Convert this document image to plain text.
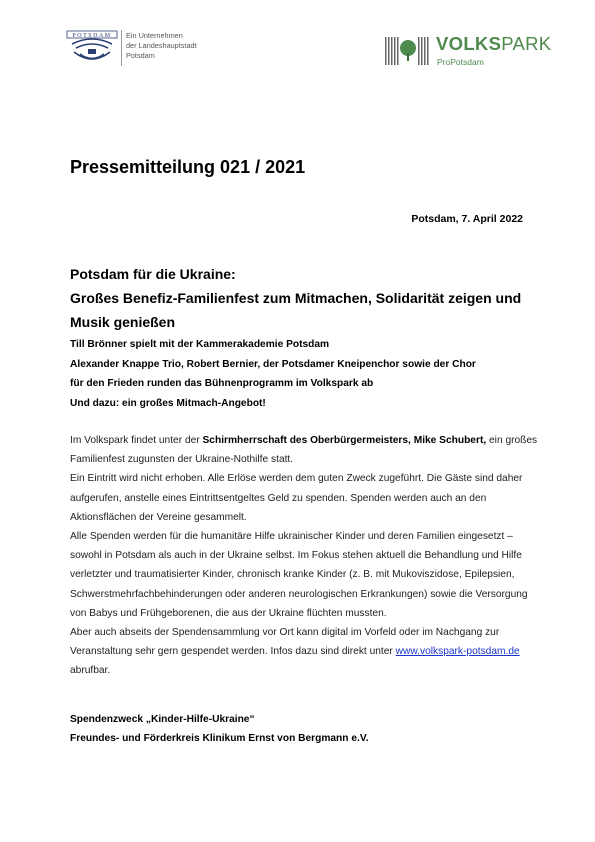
POTSDAM Ein Unternehmen
der Landeshauptstadt
Potsdam
VOLKSPARK
ProPotsdam
Pressemitteilung 021 / 2021
Potsdam, 7. April 2022
Potsdam für die Ukraine:
Großes Benefiz-Familienfest zum Mitmachen, Solidarität zeigen und
Musik genießen
Till Brönner spielt mit der Kammerakademie Potsdam
Alexander Knappe Trio, Robert Bernier, der Potsdamer Kneipenchor sowie der Chor
für den Frieden runden das Bühnenprogramm im Volkspark ab
Und dazu: ein großes Mitmach-Angebot!

Im Volkspark findet unter der Schirmherrschaft des Oberbürgermeisters, Mike Schubert, ein großes Familienfest zugunsten der Ukraine-Nothilfe statt.

Ein Eintritt wird nicht erhoben. Alle Erlöse werden dem guten Zweck zugeführt. Die Gäste sind daher aufgerufen, anstelle eines Eintrittsentgeltes Geld zu spenden. Spenden werden auch an den Aktionsflächen der Vereine gesammelt.

Alle Spenden werden für die humanitäre Hilfe ukrainischer Kinder und deren Familien eingesetzt – sowohl in Potsdam als auch in der Ukraine selbst. Im Fokus stehen aktuell die Behandlung und Hilfe verletzter und traumatisierter Kinder, chronisch kranke Kinder (z. B. mit Mukoviszidose, Epilepsien, Schwerstmehrfachbehinderungen oder anderen neurologischen Erkrankungen) sowie die Versorgung von Babys und Frühgeborenen, die aus der Ukraine flüchten mussten.

Aber auch abseits der Spendensammlung vor Ort kann digital im Vorfeld oder im Nachgang zur Veranstaltung sehr gern gespendet werden. Infos dazu sind direkt unter www.volkspark-potsdam.de abrufbar.

Spendenzweck „Kinder-Hilfe-Ukraine“
Freundes- und Förderkreis Klinikum Ernst von Bergmann e.V.
